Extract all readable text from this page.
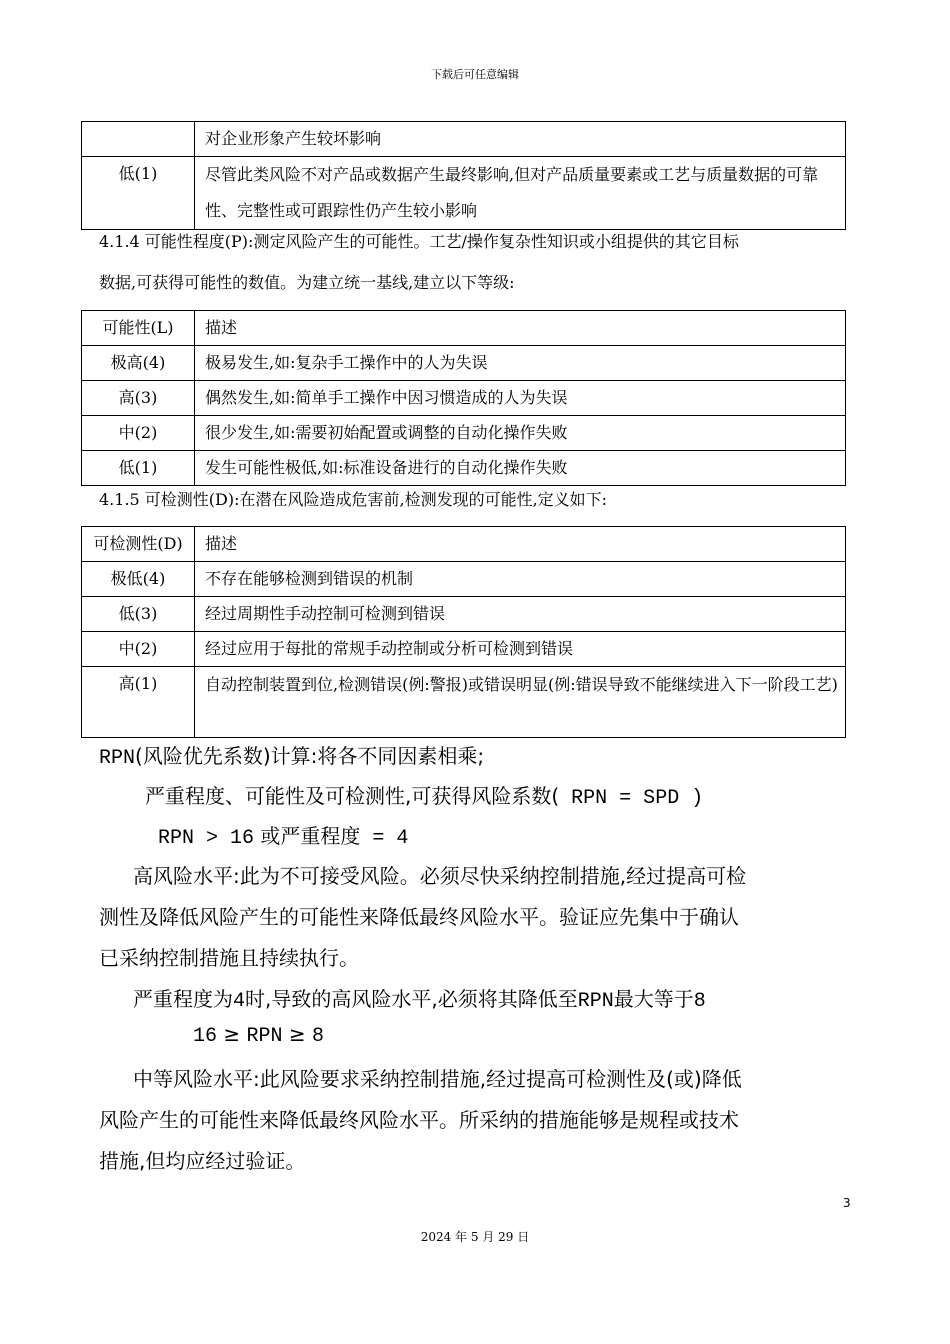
下载后可任意编辑
	对企业形象产生较坏影响
低(1)	尽管此类风险不对产品或数据产生最终影响,但对产品质量要素或工艺与质量数据的可靠性、完整性或可跟踪性仍产生较小影响
4.1.4 可能性程度(P):测定风险产生的可能性。工艺/操作复杂性知识或小组提供的其它目标
数据,可获得可能性的数值。为建立统一基线,建立以下等级:
可能性(L)	描述
极高(4)	极易发生,如:复杂手工操作中的人为失误
高(3)	偶然发生,如:简单手工操作中因习惯造成的人为失误
中(2)	很少发生,如:需要初始配置或调整的自动化操作失败
低(1)	发生可能性极低,如:标准设备进行的自动化操作失败
4.1.5 可检测性(D):在潜在风险造成危害前,检测发现的可能性,定义如下:
可检测性(D)	描述
极低(4)	不存在能够检测到错误的机制
低(3)	经过周期性手动控制可检测到错误
中(2)	经过应用于每批的常规手动控制或分析可检测到错误
高(1)	自动控制装置到位,检测错误(例:警报)或错误明显(例:错误导致不能继续进入下一阶段工艺)
RPN(风险优先系数)计算:将各不同因素相乘;
严重程度、可能性及可检测性,可获得风险系数( RPN = SPD )
RPN > 16 或严重程度 = 4
高风险水平:此为不可接受风险。必须尽快采纳控制措施,经过提高可检
测性及降低风险产生的可能性来降低最终风险水平。验证应先集中于确认
已采纳控制措施且持续执行。
严重程度为4时,导致的高风险水平,必须将其降低至RPN最大等于8
16 ≥ RPN ≥ 8
中等风险水平:此风险要求采纳控制措施,经过提高可检测性及(或)降低
风险产生的可能性来降低最终风险水平。所采纳的措施能够是规程或技术
措施,但均应经过验证。
3
2024 年 5 月 29 日
